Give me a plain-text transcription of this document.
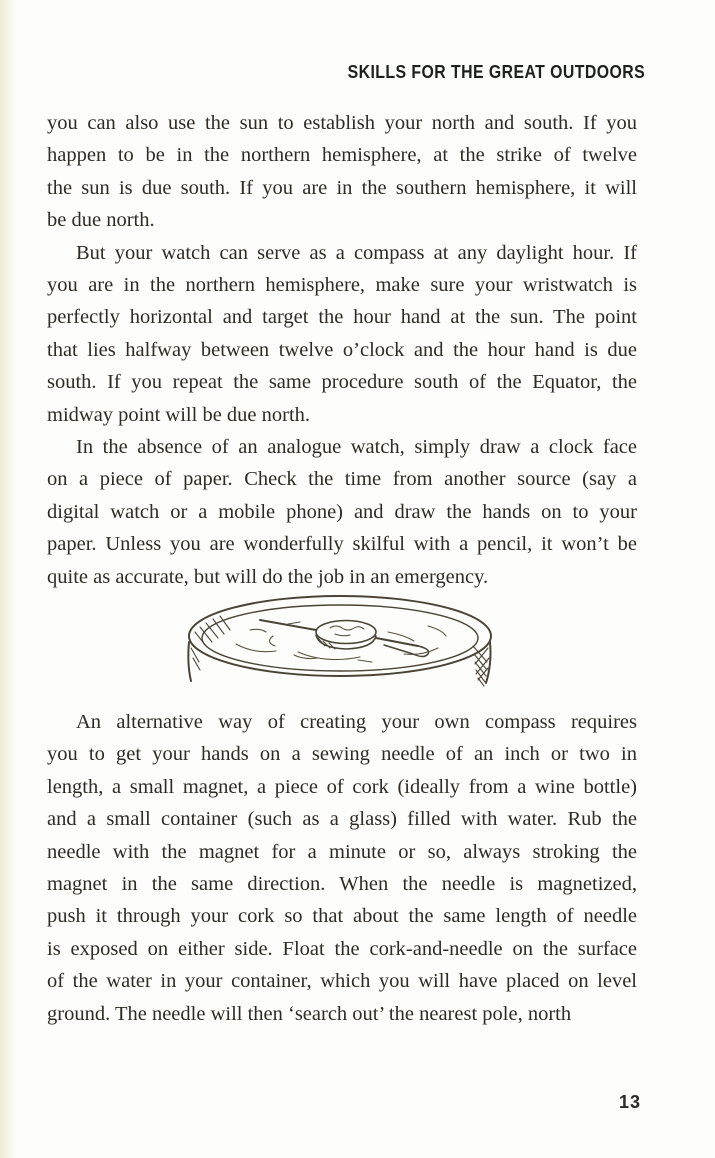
SKILLS FOR THE GREAT OUTDOORS
you can also use the sun to establish your north and south. If you
happen to be in the northern hemisphere, at the strike of twelve
the sun is due south. If you are in the southern hemisphere, it will
be due north.
But your watch can serve as a compass at any daylight hour. If
you are in the northern hemisphere, make sure your wristwatch is
perfectly horizontal and target the hour hand at the sun. The point
that lies halfway between twelve o’clock and the hour hand is due
south. If you repeat the same procedure south of the Equator, the
midway point will be due north.
In the absence of an analogue watch, simply draw a clock face
on a piece of paper. Check the time from another source (say a
digital watch or a mobile phone) and draw the hands on to your
paper. Unless you are wonderfully skilful with a pencil, it won’t be
quite as accurate, but will do the job in an emergency.
An alternative way of creating your own compass requires
you to get your hands on a sewing needle of an inch or two in
length, a small magnet, a piece of cork (ideally from a wine bottle)
and a small container (such as a glass) filled with water. Rub the
needle with the magnet for a minute or so, always stroking the
magnet in the same direction. When the needle is magnetized,
push it through your cork so that about the same length of needle
is exposed on either side. Float the cork-and-needle on the surface
of the water in your container, which you will have placed on level
ground. The needle will then ‘search out’ the nearest pole, north
13
